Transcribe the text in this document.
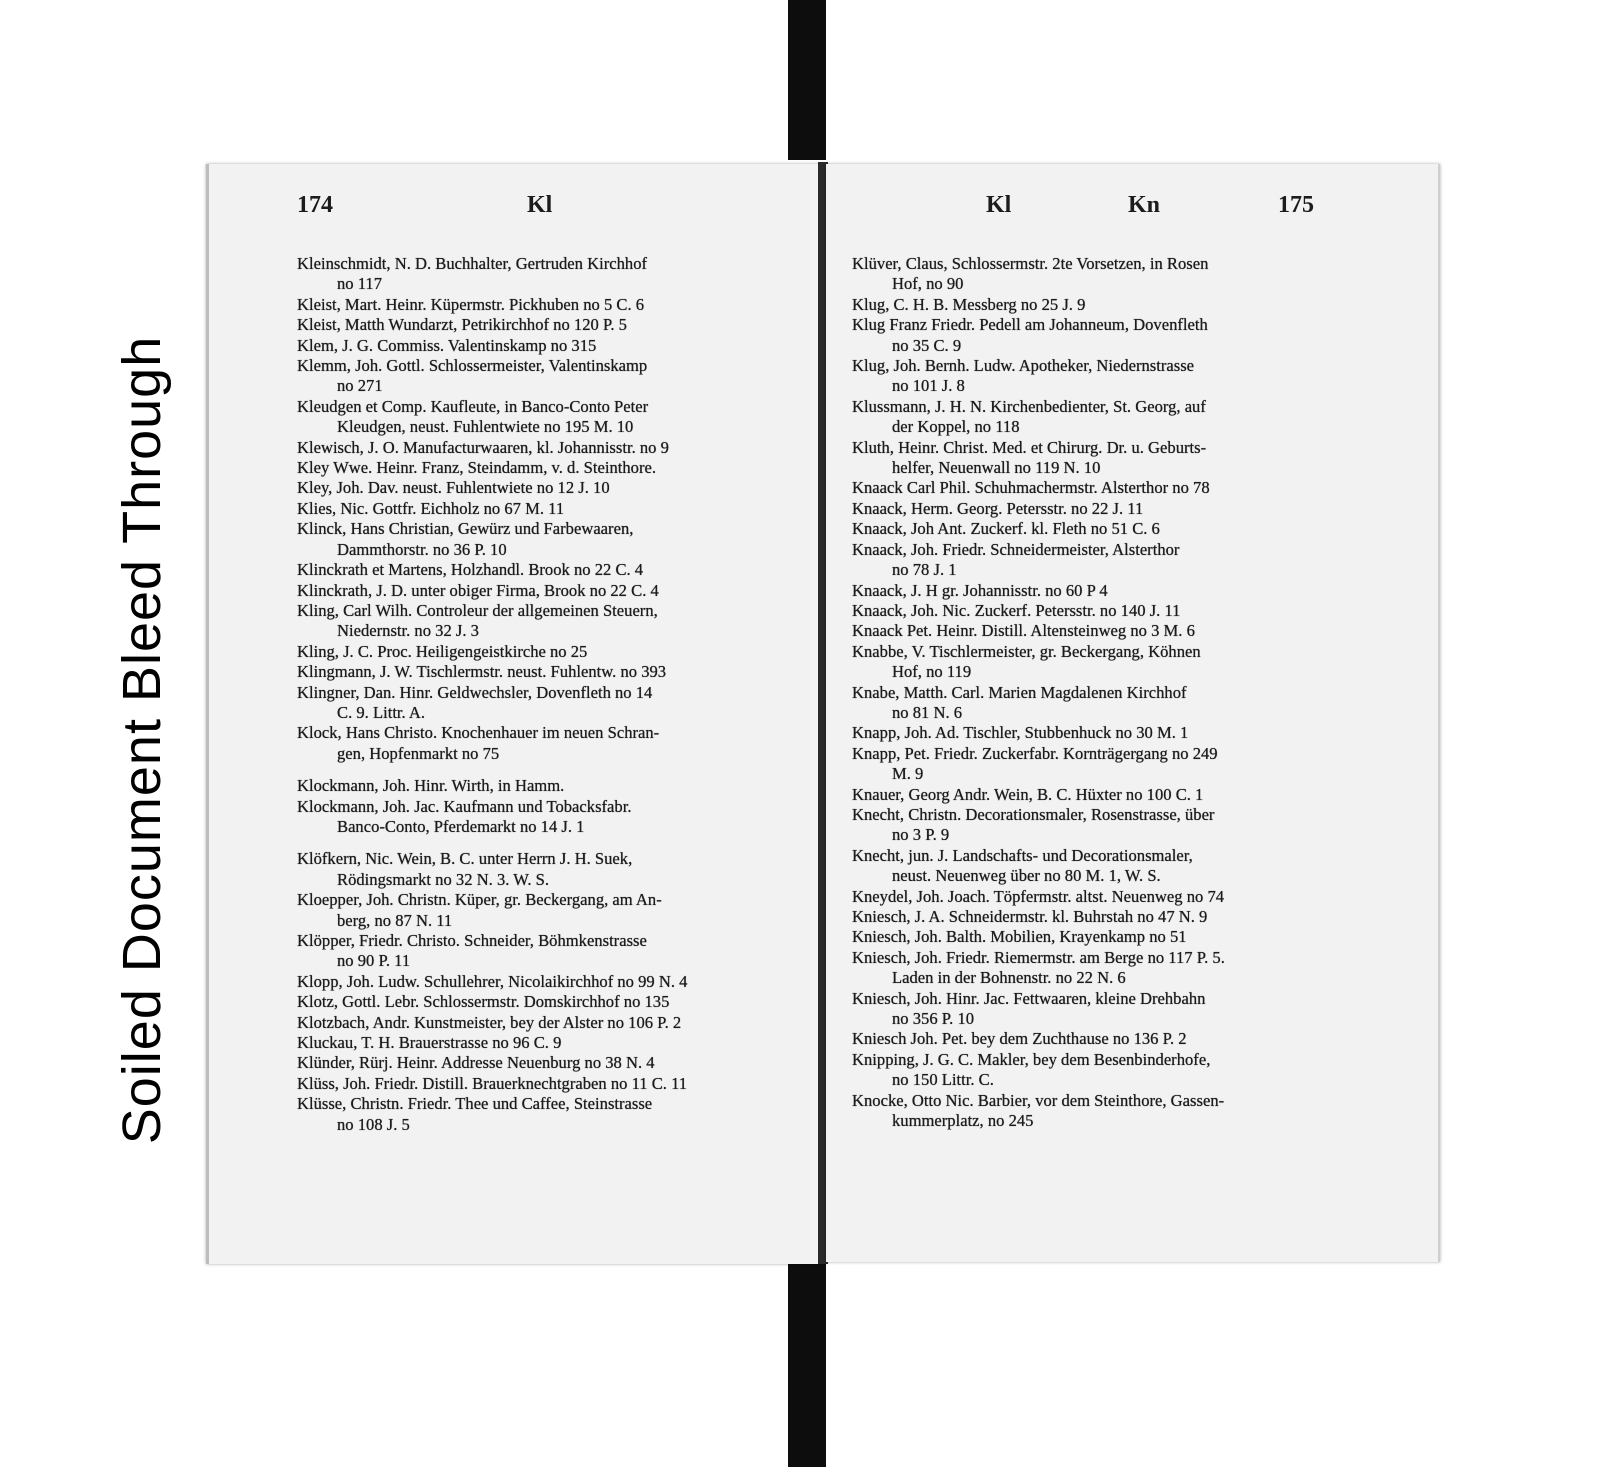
174	Kl
Kleinschmidt, N. D. Buchhalter, Gertruden Kirchhof
no 117
Kleist, Mart. Heinr. Küpermstr. Pickhuben no 5 C. 6
Kleist, Matth Wundarzt, Petrikirchhof no 120 P. 5
Klem, J. G. Commiss. Valentinskamp no 315
Klemm, Joh. Gottl. Schlossermeister, Valentinskamp
no 271
Kleudgen et Comp. Kaufleute, in Banco-Conto Peter
Kleudgen, neust. Fuhlentwiete no 195 M. 10
Klewisch, J. O. Manufacturwaaren, kl. Johannisstr. no 9
Kley Wwe. Heinr. Franz, Steindamm, v. d. Steinthore.
Kley, Joh. Dav. neust. Fuhlentwiete no 12 J. 10
Klies, Nic. Gottfr. Eichholz no 67 M. 11
Klinck, Hans Christian, Gewürz und Farbewaaren,
Dammthorstr. no 36 P. 10
Klinckrath et Martens, Holzhandl. Brook no 22 C. 4
Klinckrath, J. D. unter obiger Firma, Brook no 22 C. 4
Kling, Carl Wilh. Controleur der allgemeinen Steuern,
Niedernstr. no 32 J. 3
Kling, J. C. Proc. Heiligengeistkirche no 25
Klingmann, J. W. Tischlermstr. neust. Fuhlentw. no 393
Klingner, Dan. Hinr. Geldwechsler, Dovenfleth no 14
C. 9. Littr. A.
Klock, Hans Christo. Knochenhauer im neuen Schran-
gen, Hopfenmarkt no 75
Klockmann, Joh. Hinr. Wirth, in Hamm.
Klockmann, Joh. Jac. Kaufmann und Tobacksfabr.
Banco-Conto, Pferdemarkt no 14 J. 1
Klöfkern, Nic. Wein, B. C. unter Herrn J. H. Suek,
Rödingsmarkt no 32 N. 3. W. S.
Kloepper, Joh. Christn. Küper, gr. Beckergang, am An-
berg, no 87 N. 11
Klöpper, Friedr. Christo. Schneider, Böhmkenstrasse
no 90 P. 11
Klopp, Joh. Ludw. Schullehrer, Nicolaikirchhof no 99 N. 4
Klotz, Gottl. Lebr. Schlossermstr. Domskirchhof no 135
Klotzbach, Andr. Kunstmeister, bey der Alster no 106 P. 2
Kluckau, T. H. Brauerstrasse no 96 C. 9
Klünder, Rürj. Heinr. Addresse Neuenburg no 38 N. 4
Klüss, Joh. Friedr. Distill. Brauerknechtgraben no 11 C. 11
Klüsse, Christn. Friedr. Thee und Caffee, Steinstrasse
no 108 J. 5
Kl	Kn	175
Klüver, Claus, Schlossermstr. 2te Vorsetzen, in Rosen
Hof, no 90
Klug, C. H. B. Messberg no 25 J. 9
Klug Franz Friedr. Pedell am Johanneum, Dovenfleth
no 35 C. 9
Klug, Joh. Bernh. Ludw. Apotheker, Niedernstrasse
no 101 J. 8
Klussmann, J. H. N. Kirchenbedienter, St. Georg, auf
der Koppel, no 118
Kluth, Heinr. Christ. Med. et Chirurg. Dr. u. Geburts-
helfer, Neuenwall no 119 N. 10
Knaack Carl Phil. Schuhmachermstr. Alsterthor no 78
Knaack, Herm. Georg. Petersstr. no 22 J. 11
Knaack, Joh Ant. Zuckerf. kl. Fleth no 51 C. 6
Knaack, Joh. Friedr. Schneidermeister, Alsterthor
no 78 J. 1
Knaack, J. H gr. Johannisstr. no 60 P 4
Knaack, Joh. Nic. Zuckerf. Petersstr. no 140 J. 11
Knaack Pet. Heinr. Distill. Altensteinweg no 3 M. 6
Knabbe, V. Tischlermeister, gr. Beckergang, Köhnen
Hof, no 119
Knabe, Matth. Carl. Marien Magdalenen Kirchhof
no 81 N. 6
Knapp, Joh. Ad. Tischler, Stubbenhuck no 30 M. 1
Knapp, Pet. Friedr. Zuckerfabr. Kornträgergang no 249
M. 9
Knauer, Georg Andr. Wein, B. C. Hüxter no 100 C. 1
Knecht, Christn. Decorationsmaler, Rosenstrasse, über
no 3 P. 9
Knecht, jun. J. Landschafts- und Decorationsmaler,
neust. Neuenweg über no 80 M. 1, W. S.
Kneydel, Joh. Joach. Töpfermstr. altst. Neuenweg no 74
Kniesch, J. A. Schneidermstr. kl. Buhrstah no 47 N. 9
Kniesch, Joh. Balth. Mobilien, Krayenkamp no 51
Kniesch, Joh. Friedr. Riemermstr. am Berge no 117 P. 5.
Laden in der Bohnenstr. no 22 N. 6
Kniesch, Joh. Hinr. Jac. Fettwaaren, kleine Drehbahn
no 356 P. 10
Kniesch Joh. Pet. bey dem Zuchthause no 136 P. 2
Knipping, J. G. C. Makler, bey dem Besenbinderhofe,
no 150 Littr. C.
Knocke, Otto Nic. Barbier, vor dem Steinthore, Gassen-
kummerplatz, no 245
Soiled Document Bleed Through
